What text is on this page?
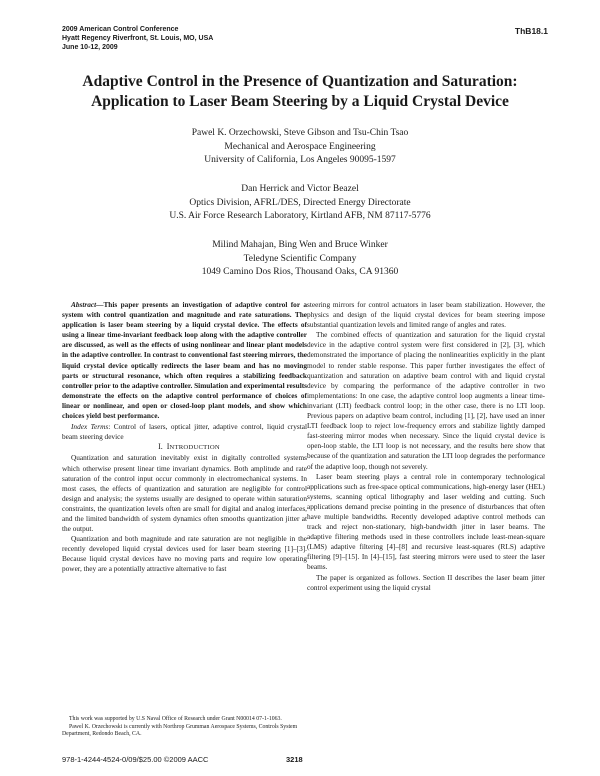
2009 American Control Conference
Hyatt Regency Riverfront, St. Louis, MO, USA
June 10-12, 2009
ThB18.1
Adaptive Control in the Presence of Quantization and Saturation:
Application to Laser Beam Steering by a Liquid Crystal Device
Pawel K. Orzechowski, Steve Gibson and Tsu-Chin Tsao
Mechanical and Aerospace Engineering
University of California, Los Angeles 90095-1597
Dan Herrick and Victor Beazel
Optics Division, AFRL/DES, Directed Energy Directorate
U.S. Air Force Research Laboratory, Kirtland AFB, NM 87117-5776
Milind Mahajan, Bing Wen and Bruce Winker
Teledyne Scientific Company
1049 Camino Dos Rios, Thousand Oaks, CA 91360

Abstract—This paper presents an investigation of adaptive control for a system with control quantization and magnitude and rate saturations. The application is laser beam steering by a liquid crystal device. The effects of using a linear time-invariant feedback loop along with the adaptive controller are discussed, as well as the effects of using nonlinear and linear plant models in the adaptive controller. In contrast to conventional fast steering mirrors, the liquid crystal device optically redirects the laser beam and has no moving parts or structural resonance, which often requires a stabilizing feedback controller prior to the adaptive controller. Simulation and experimental results demonstrate the effects on the adaptive control performance of choices of linear or nonlinear, and open or closed-loop plant models, and show which choices yield best performance.

Index Terms: Control of lasers, optical jitter, adaptive control, liquid crystal beam steering device

I. INTRODUCTION

Quantization and saturation inevitably exist in digitally controlled systems which otherwise present linear time invariant dynamics. Both amplitude and rate saturation of the control input occur commonly in electromechanical systems. In most cases, the effects of quantization and saturation are negligible for control design and analysis; the systems usually are designed to operate within saturation constraints, the quantization levels often are small for digital and analog interfaces, and the limited bandwidth of system dynamics often smooths quantization jitter at the output.

Quantization and both magnitude and rate saturation are not negligible in the recently developed liquid crystal devices used for laser beam steering [1]–[3]. Because liquid crystal devices have no moving parts and require low operating power, they are a potentially attractive alternative to fast

steering mirrors for control actuators in laser beam stabilization. However, the physics and design of the liquid crystal devices for beam steering impose substantial quantization levels and limited range of angles and rates.

The combined effects of quantization and saturation for the liquid crystal device in the adaptive control system were first considered in [2], [3], which demonstrated the importance of placing the nonlinearities explicitly in the plant model to render stable response. This paper further investigates the effect of quantization and saturation on adaptive beam control with and liquid crystal device by comparing the performance of the adaptive controller in two implementations: In one case, the adaptive control loop augments a linear time-invariant (LTI) feedback control loop; in the other case, there is no LTI loop. Previous papers on adaptive beam control, including [1], [2], have used an inner LTI feedback loop to reject low-frequency errors and stabilize lightly damped fast-steering mirror modes when necessary. Since the liquid crystal device is open-loop stable, the LTI loop is not necessary, and the results here show that because of the quantization and saturation the LTI loop degrades the performance of the adaptive loop, though not severely.

Laser beam steering plays a central role in contemporary technological applications such as free-space optical communications, high-energy laser (HEL) systems, scanning optical lithography and laser welding and cutting. Such applications demand precise pointing in the presence of disturbances that often have multiple bandwidths. Recently developed adaptive control methods can track and reject non-stationary, high-bandwidth jitter in laser beams. The adaptive filtering methods used in these controllers include least-mean-square (LMS) adaptive filtering [4]–[8] and recursive least-squares (RLS) adaptive filtering [9]–[15]. In [4]–[15], fast steering mirrors were used to steer the laser beams.

The paper is organized as follows. Section II describes the laser beam jitter control experiment using the liquid crystal

This work was supported by U.S Naval Office of Research under Grant N00014 07-1-1063.
Pawel K. Orzechowski is currently with Northrop Grumman Aerospace Systems, Controls System Department, Redondo Beach, CA.
978-1-4244-4524-0/09/$25.00 ©2009 AACC	3218
